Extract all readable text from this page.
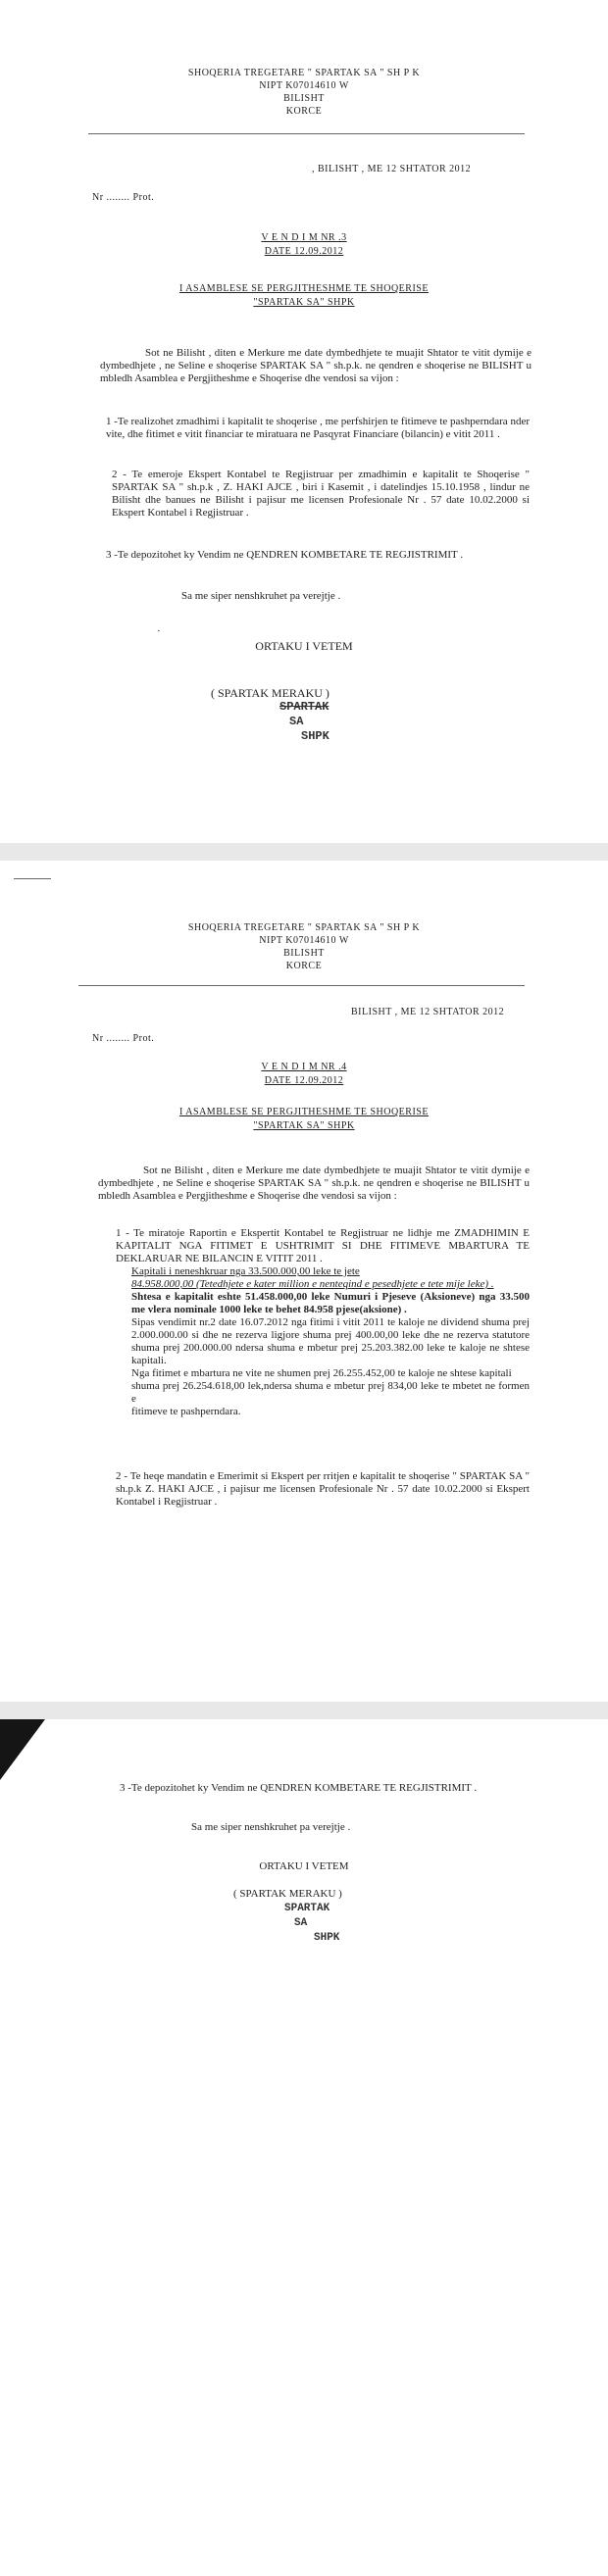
SHOQERIA TREGETARE " SPARTAK SA " SH P K
NIPT K07014610 W
BILISHT
KORCE
, BILISHT , ME 12 SHTATOR 2012
Nr ........ Prot.
V E N D I M NR .3
DATE 12.09.2012
I ASAMBLESE SE PERGJITHESHME TE SHOQERISE
"SPARTAK SA" SHPK
Sot ne Bilisht , diten e Merkure me date dymbedhjete te muajit Shtator te vitit dymije e dymbedhjete , ne Seline e shoqerise SPARTAK SA " sh.p.k. ne qendren e shoqerise ne BILISHT u mbledh Asamblea e Pergjitheshme e Shoqerise dhe vendosi sa vijon :
1 -Te realizohet zmadhimi i kapitalit te shoqerise , me perfshirjen te fitimeve te pashperndara nder vite, dhe fitimet e vitit financiar te miratuara ne Pasqyrat Financiare (bilancin) e vitit 2011 .
2 - Te emeroje Ekspert Kontabel te Regjistruar per zmadhimin e kapitalit te Shoqerise " SPARTAK SA " sh.p.k , Z. HAKI AJCE , biri i Kasemit , i datelindjes 15.10.1958 , lindur ne Bilisht dhe banues ne Bilisht i pajisur me licensen Profesionale Nr . 57 date 10.02.2000 si Ekspert Kontabel i Regjistruar .
3 -Te depozitohet ky Vendim ne QENDREN KOMBETARE TE REGJISTRIMIT .
Sa me siper nenshkruhet pa verejtje .
·
ORTAKU I VETEM
( SPARTAK MERAKU )
SPARTAK
SA
SHPK
SHOQERIA TREGETARE " SPARTAK SA " SH P K
NIPT K07014610 W
BILISHT
KORCE
BILISHT , ME 12 SHTATOR 2012
Nr ........ Prot.
V E N D I M NR .4
DATE 12.09.2012
I ASAMBLESE SE PERGJITHESHME TE SHOQERISE
"SPARTAK SA" SHPK
Sot ne Bilisht , diten e Merkure me date dymbedhjete te muajit Shtator te vitit dymije e dymbedhjete , ne Seline e shoqerise SPARTAK SA " sh.p.k. ne qendren e shoqerise ne BILISHT u mbledh Asamblea e Pergjitheshme e Shoqerise dhe vendosi sa vijon :
1 - Te miratoje Raportin e Ekspertit Kontabel te Regjistruar ne lidhje me ZMADHIMIN E KAPITALIT NGA FITIMET E USHTRIMIT SI DHE FITIMEVE MBARTURA TE DEKLARUAR NE BILANCIN E VITIT 2011 .
Kapitali i neneshkruar nga 33.500.000,00 leke te jete
84.958.000,00 (Tetedhjete e kater million e nenteqind e pesedhjete e tete mije leke) .
Shtesa e kapitalit eshte 51.458.000,00 leke Numuri i Pjeseve (Aksioneve) nga 33.500 me vlera nominale 1000 leke te behet 84.958 pjese(aksione) .
Sipas vendimit nr.2 date 16.07.2012 nga fitimi i vitit 2011 te kaloje ne dividend shuma prej 2.000.000.00 si dhe ne rezerva ligjore shuma prej 400.00,00 leke dhe ne rezerva statutore shuma prej 200.000.00 ndersa shuma e mbetur prej 25.203.382.00 leke te kaloje ne shtese kapitali.
Nga fitimet e mbartura ne vite ne shumen prej 26.255.452,00 te kaloje ne shtese kapitali
shuma prej 26.254.618,00 lek,ndersa shuma e mbetur prej 834,00 leke te mbetet ne formen e
fitimeve te pashperndara.
2 - Te heqe mandatin e Emerimit si Ekspert per rritjen e kapitalit te shoqerise " SPARTAK SA " sh.p.k Z. HAKI AJCE , i pajisur me licensen Profesionale Nr . 57 date 10.02.2000 si Ekspert Kontabel i Regjistruar .
3 -Te depozitohet ky Vendim ne QENDREN KOMBETARE TE REGJISTRIMIT .
Sa me siper nenshkruhet pa verejtje .
ORTAKU I VETEM
( SPARTAK MERAKU )
SPARTAK
SA
SHPK
